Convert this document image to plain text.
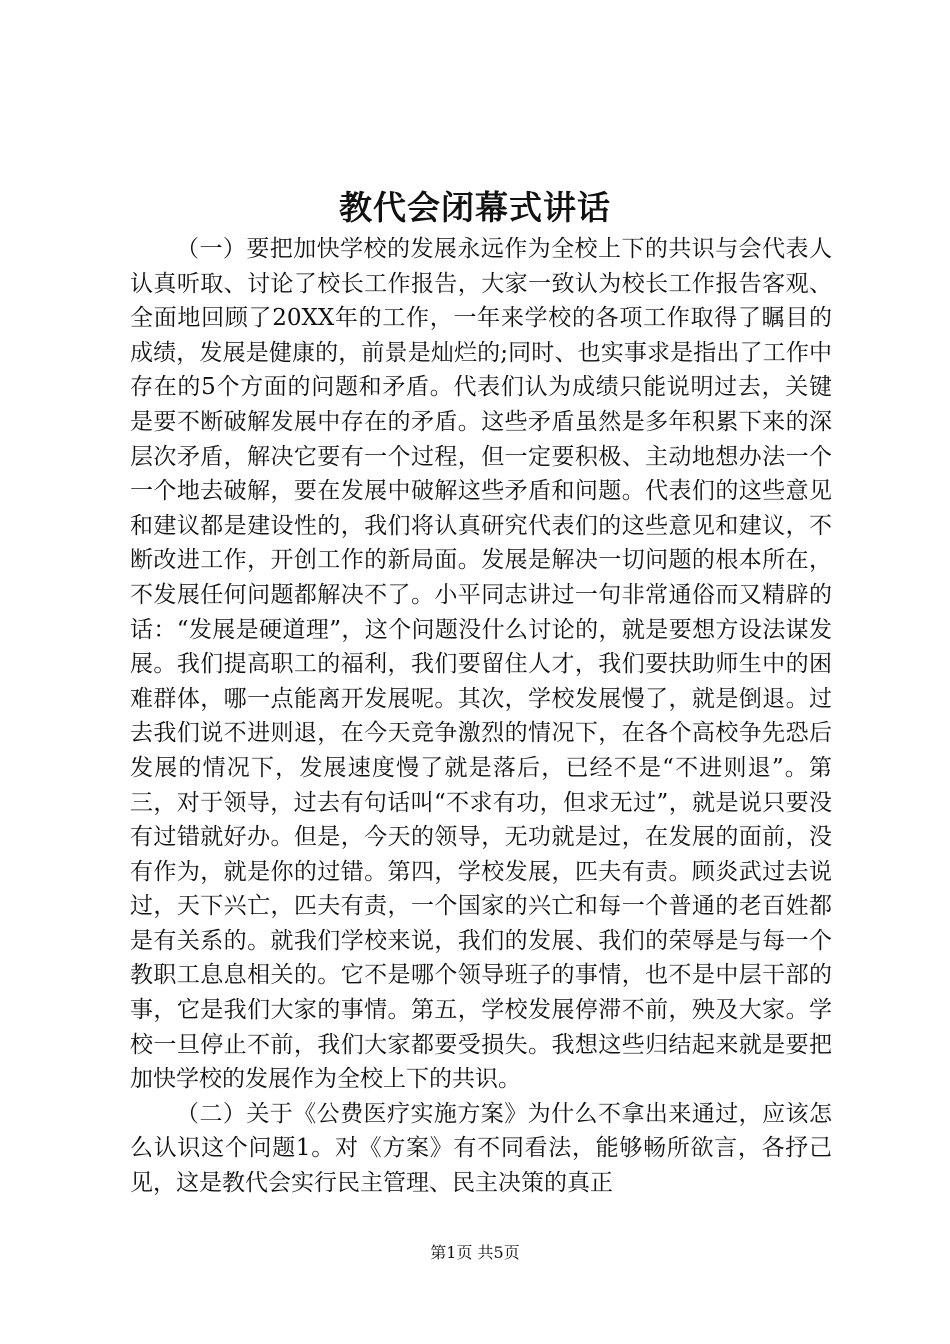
教代会闭幕式讲话

（一）要把加快学校的发展永远作为全校上下的共识与会代表人认真听取、讨论了校长工作报告，大家一致认为校长工作报告客观、全面地回顾了20XX年的工作，一年来学校的各项工作取得了瞩目的成绩，发展是健康的，前景是灿烂的;同时、也实事求是指出了工作中存在的5个方面的问题和矛盾。代表们认为成绩只能说明过去，关键是要不断破解发展中存在的矛盾。这些矛盾虽然是多年积累下来的深层次矛盾，解决它要有一个过程，但一定要积极、主动地想办法一个一个地去破解，要在发展中破解这些矛盾和问题。代表们的这些意见和建议都是建设性的，我们将认真研究代表们的这些意见和建议，不断改进工作，开创工作的新局面。发展是解决一切问题的根本所在，不发展任何问题都解决不了。小平同志讲过一句非常通俗而又精辟的话：“发展是硬道理”，这个问题没什么讨论的，就是要想方设法谋发展。我们提高职工的福利，我们要留住人才，我们要扶助师生中的困难群体，哪一点能离开发展呢。其次，学校发展慢了，就是倒退。过去我们说不进则退，在今天竞争激烈的情况下，在各个高校争先恐后发展的情况下，发展速度慢了就是落后，已经不是“不进则退”。第三，对于领导，过去有句话叫“不求有功，但求无过”，就是说只要没有过错就好办。但是，今天的领导，无功就是过，在发展的面前，没有作为，就是你的过错。第四，学校发展，匹夫有责。顾炎武过去说过，天下兴亡，匹夫有责，一个国家的兴亡和每一个普通的老百姓都是有关系的。就我们学校来说，我们的发展、我们的荣辱是与每一个教职工息息相关的。它不是哪个领导班子的事情，也不是中层干部的事，它是我们大家的事情。第五，学校发展停滞不前，殃及大家。学校一旦停止不前，我们大家都要受损失。我想这些归结起来就是要把加快学校的发展作为全校上下的共识。

（二）关于《公费医疗实施方案》为什么不拿出来通过，应该怎么认识这个问题1。对《方案》有不同看法，能够畅所欲言，各抒己见，这是教代会实行民主管理、民主决策的真正

第1页 共5页
